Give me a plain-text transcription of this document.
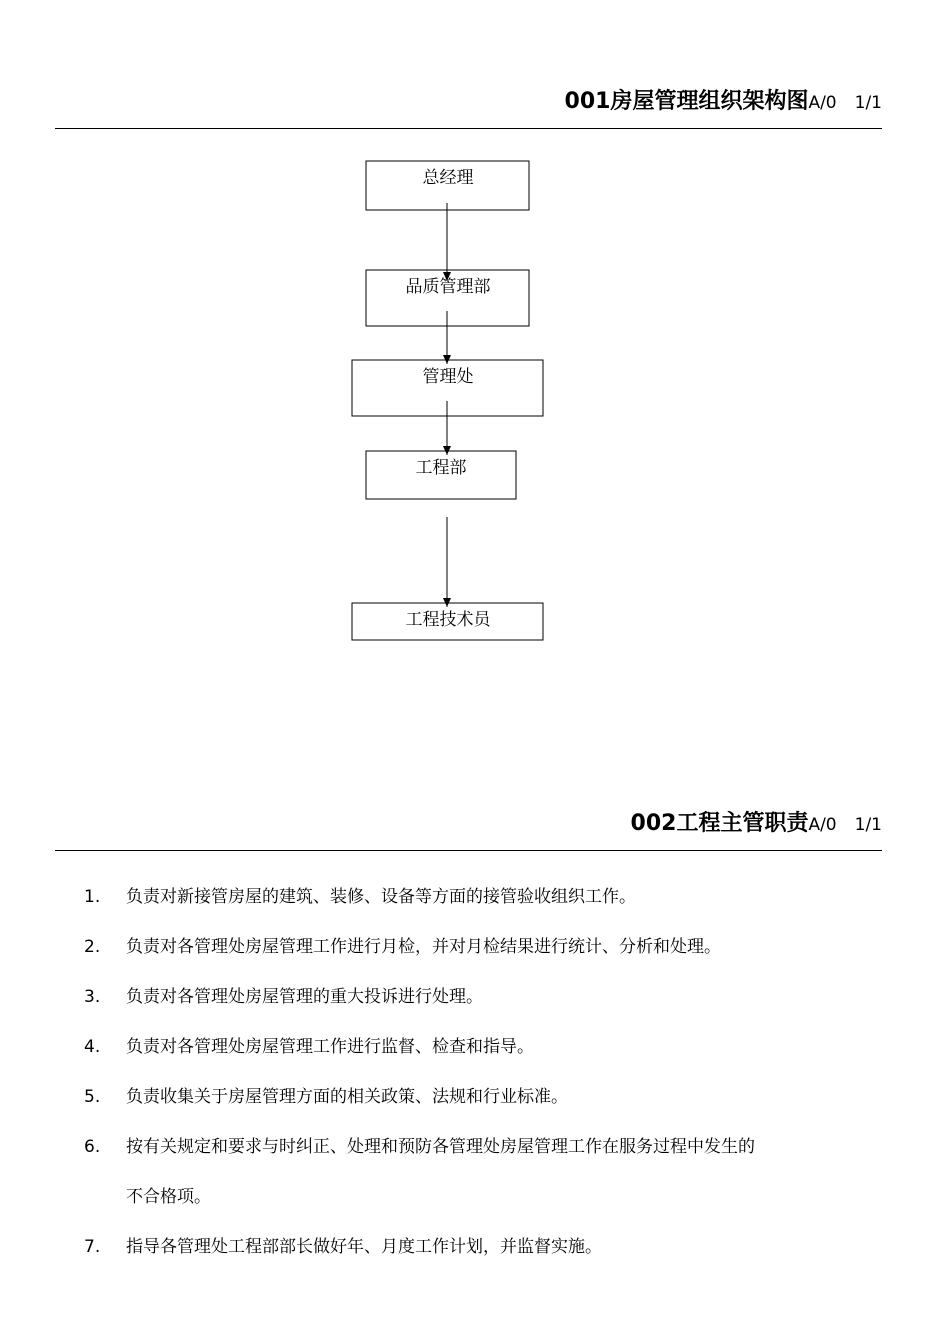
001房屋管理组织架构图A/0 1/1
总经理
品质管理部
管理处
工程部
工程技术员
002工程主管职责A/0 1/1
1.	负责对新接管房屋的建筑、装修、设备等方面的接管验收组织工作。
2.	负责对各管理处房屋管理工作进行月检，并对月检结果进行统计、分析和处理。
3.	负责对各管理处房屋管理的重大投诉进行处理。
4.	负责对各管理处房屋管理工作进行监督、检查和指导。
5.	负责收集关于房屋管理方面的相关政策、法规和行业标准。
6.	按有关规定和要求与时纠正、处理和预防各管理处房屋管理工作在服务过程中发生的
不合格项。
7.	指导各管理处工程部部长做好年、月度工作计划，并监督实施。
